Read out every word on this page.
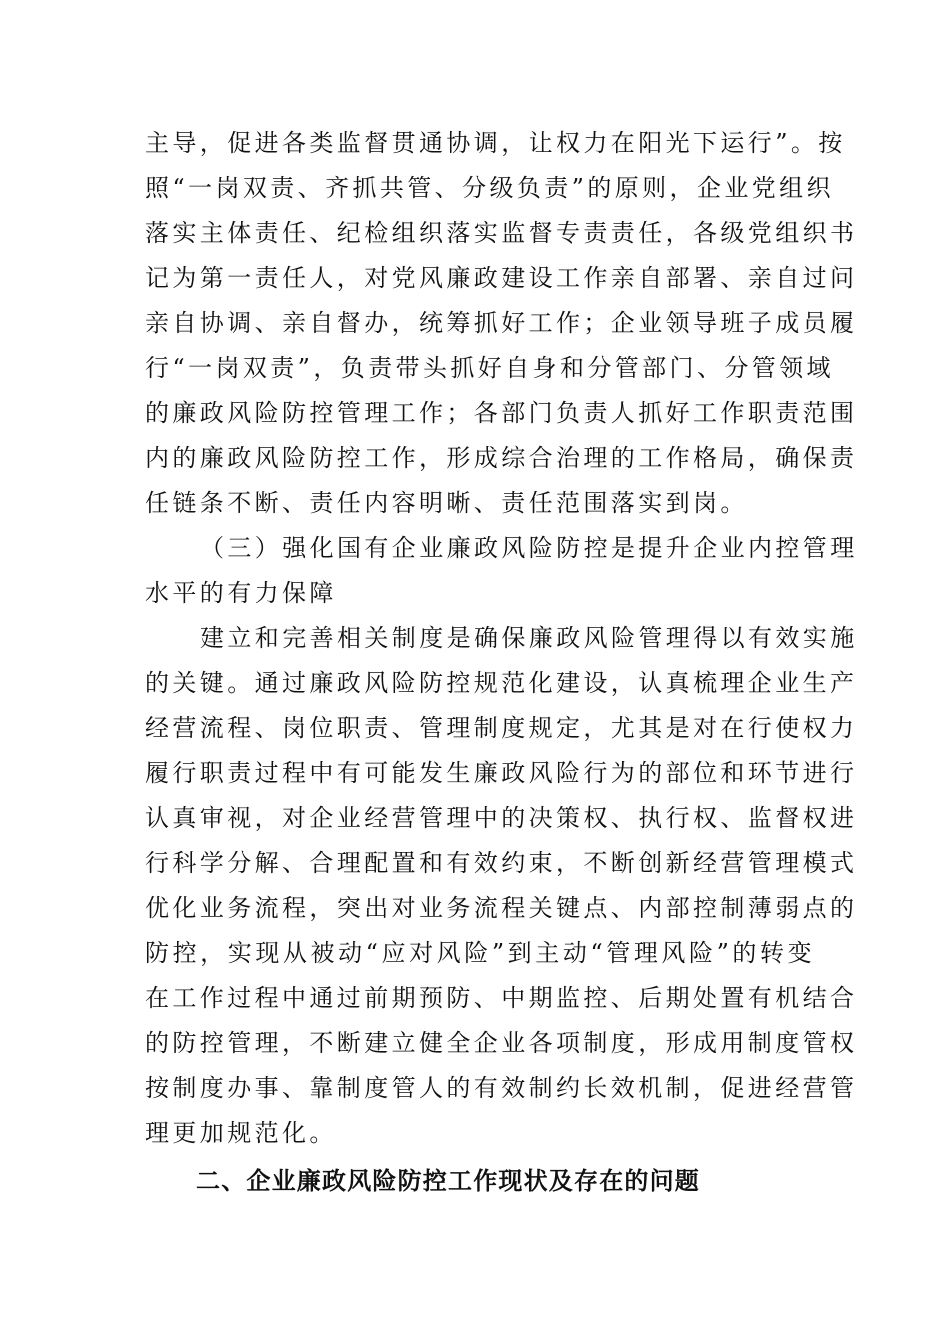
主导，促进各类监督贯通协调，让权力在阳光下运行”。按
照“一岗双责、齐抓共管、分级负责”的原则，企业党组织
落实主体责任、纪检组织落实监督专责责任，各级党组织书
记为第一责任人，对党风廉政建设工作亲自部署、亲自过问
亲自协调、亲自督办，统筹抓好工作；企业领导班子成员履
行“一岗双责”，负责带头抓好自身和分管部门、分管领域
的廉政风险防控管理工作；各部门负责人抓好工作职责范围
内的廉政风险防控工作，形成综合治理的工作格局，确保责
任链条不断、责任内容明晰、责任范围落实到岗。
（三）强化国有企业廉政风险防控是提升企业内控管理
水平的有力保障
建立和完善相关制度是确保廉政风险管理得以有效实施
的关键。通过廉政风险防控规范化建设，认真梳理企业生产
经营流程、岗位职责、管理制度规定，尤其是对在行使权力
履行职责过程中有可能发生廉政风险行为的部位和环节进行
认真审视，对企业经营管理中的决策权、执行权、监督权进
行科学分解、合理配置和有效约束，不断创新经营管理模式
优化业务流程，突出对业务流程关键点、内部控制薄弱点的
防控，实现从被动“应对风险”到主动“管理风险”的转变
在工作过程中通过前期预防、中期监控、后期处置有机结合
的防控管理，不断建立健全企业各项制度，形成用制度管权
按制度办事、靠制度管人的有效制约长效机制，促进经营管
理更加规范化。
二、企业廉政风险防控工作现状及存在的问题
